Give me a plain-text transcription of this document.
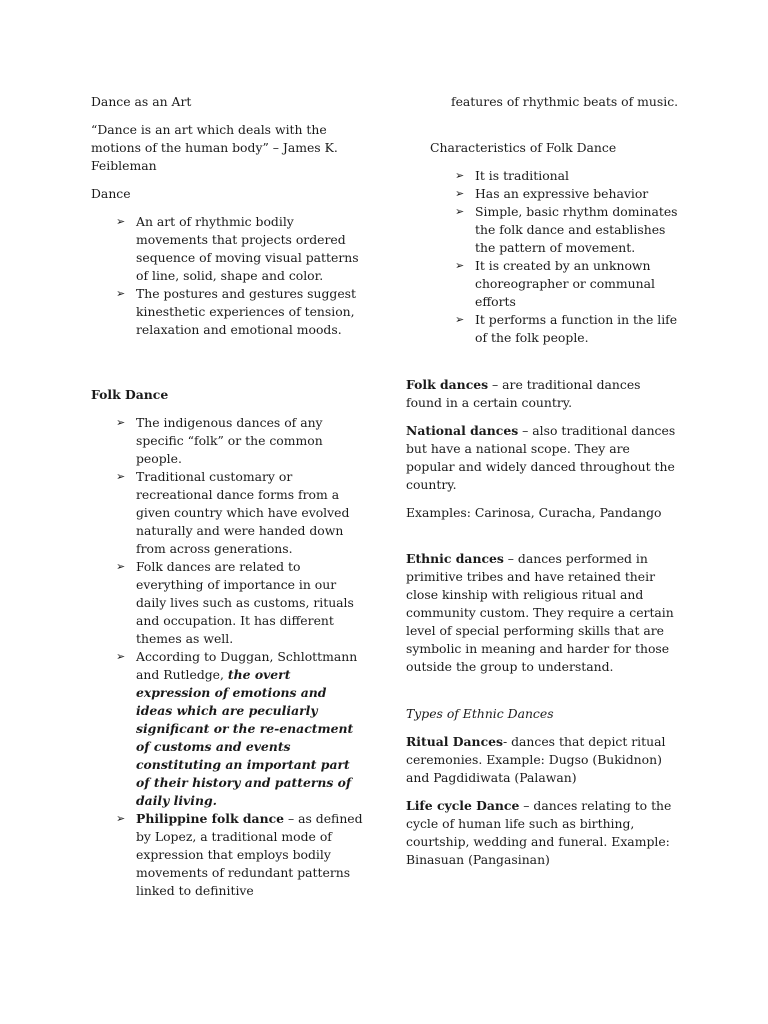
Dance as an Art

“Dance is an art which deals with the motions of the human body” – James K. Feibleman

Dance

➢ An art of rhythmic bodily movements that projects ordered sequence of moving visual patterns of line, solid, shape and color.
➢ The postures and gestures suggest kinesthetic experiences of tension, relaxation and emotional moods.

Folk Dance

➢ The indigenous dances of any specific “folk” or the common people.
➢ Traditional customary or recreational dance forms from a given country which have evolved naturally and were handed down from across generations.
➢ Folk dances are related to everything of importance in our daily lives such as customs, rituals and occupation. It has different themes as well.
➢ According to Duggan, Schlottmann and Rutledge, the overt expression of emotions and ideas which are peculiarly significant or the re-enactment of customs and events constituting an important part of their history and patterns of daily living.
➢ Philippine folk dance – as defined by Lopez, a traditional mode of expression that employs bodily movements of redundant patterns linked to definitive

features of rhythmic beats of music.

Characteristics of Folk Dance

➢ It is traditional
➢ Has an expressive behavior
➢ Simple, basic rhythm dominates the folk dance and establishes the pattern of movement.
➢ It is created by an unknown choreographer or communal efforts
➢ It performs a function in the life of the folk people.

Folk dances – are traditional dances found in a certain country.

National dances – also traditional dances but have a national scope. They are popular and widely danced throughout the country.

Examples: Carinosa, Curacha, Pandango

Ethnic dances – dances performed in primitive tribes and have retained their close kinship with religious ritual and community custom. They require a certain level of special performing skills that are symbolic in meaning and harder for those outside the group to understand.

Types of Ethnic Dances

Ritual Dances- dances that depict ritual ceremonies. Example: Dugso (Bukidnon) and Pagdidiwata (Palawan)

Life cycle Dance – dances relating to the cycle of human life such as birthing, courtship, wedding and funeral. Example: Binasuan (Pangasinan)
